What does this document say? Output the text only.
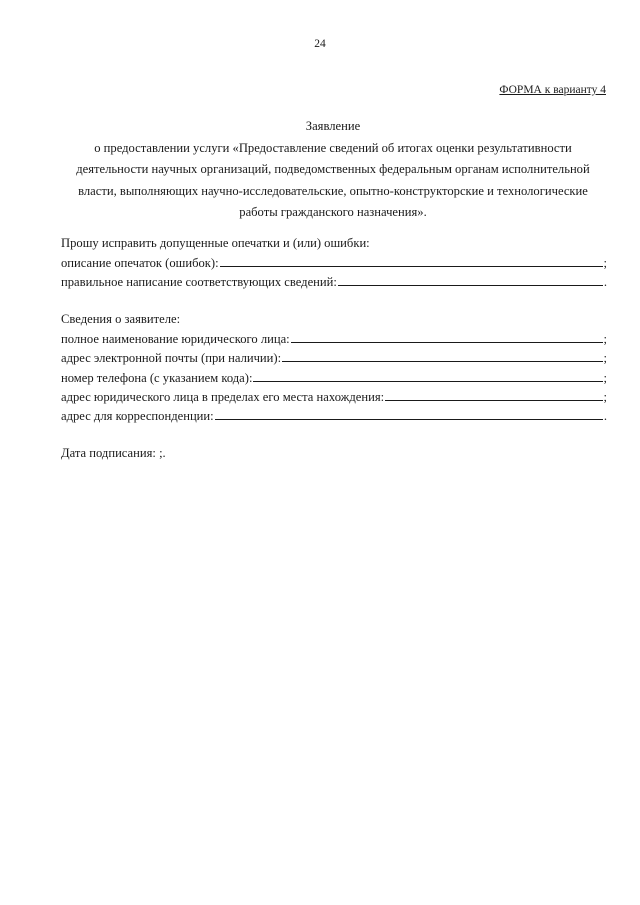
24
ФОРМА к варианту 4
Заявление
о предоставлении услуги «Предоставление сведений об итогах оценки результативности
деятельности научных организаций, подведомственных федеральным органам исполнительной
власти, выполняющих научно-исследовательские, опытно-конструкторские и технологические
работы гражданского назначения».
Прошу исправить допущенные опечатки и (или) ошибки:
описание опечаток (ошибок):	;
правильное написание соответствующих сведений:	.
Сведения о заявителе:
полное наименование юридического лица:	;
адрес электронной почты (при наличии):	;
номер телефона (с указанием кода):	;
адрес юридического лица в пределах его места нахождения:	;
адрес для корреспонденции:	.
Дата подписания: ;.
